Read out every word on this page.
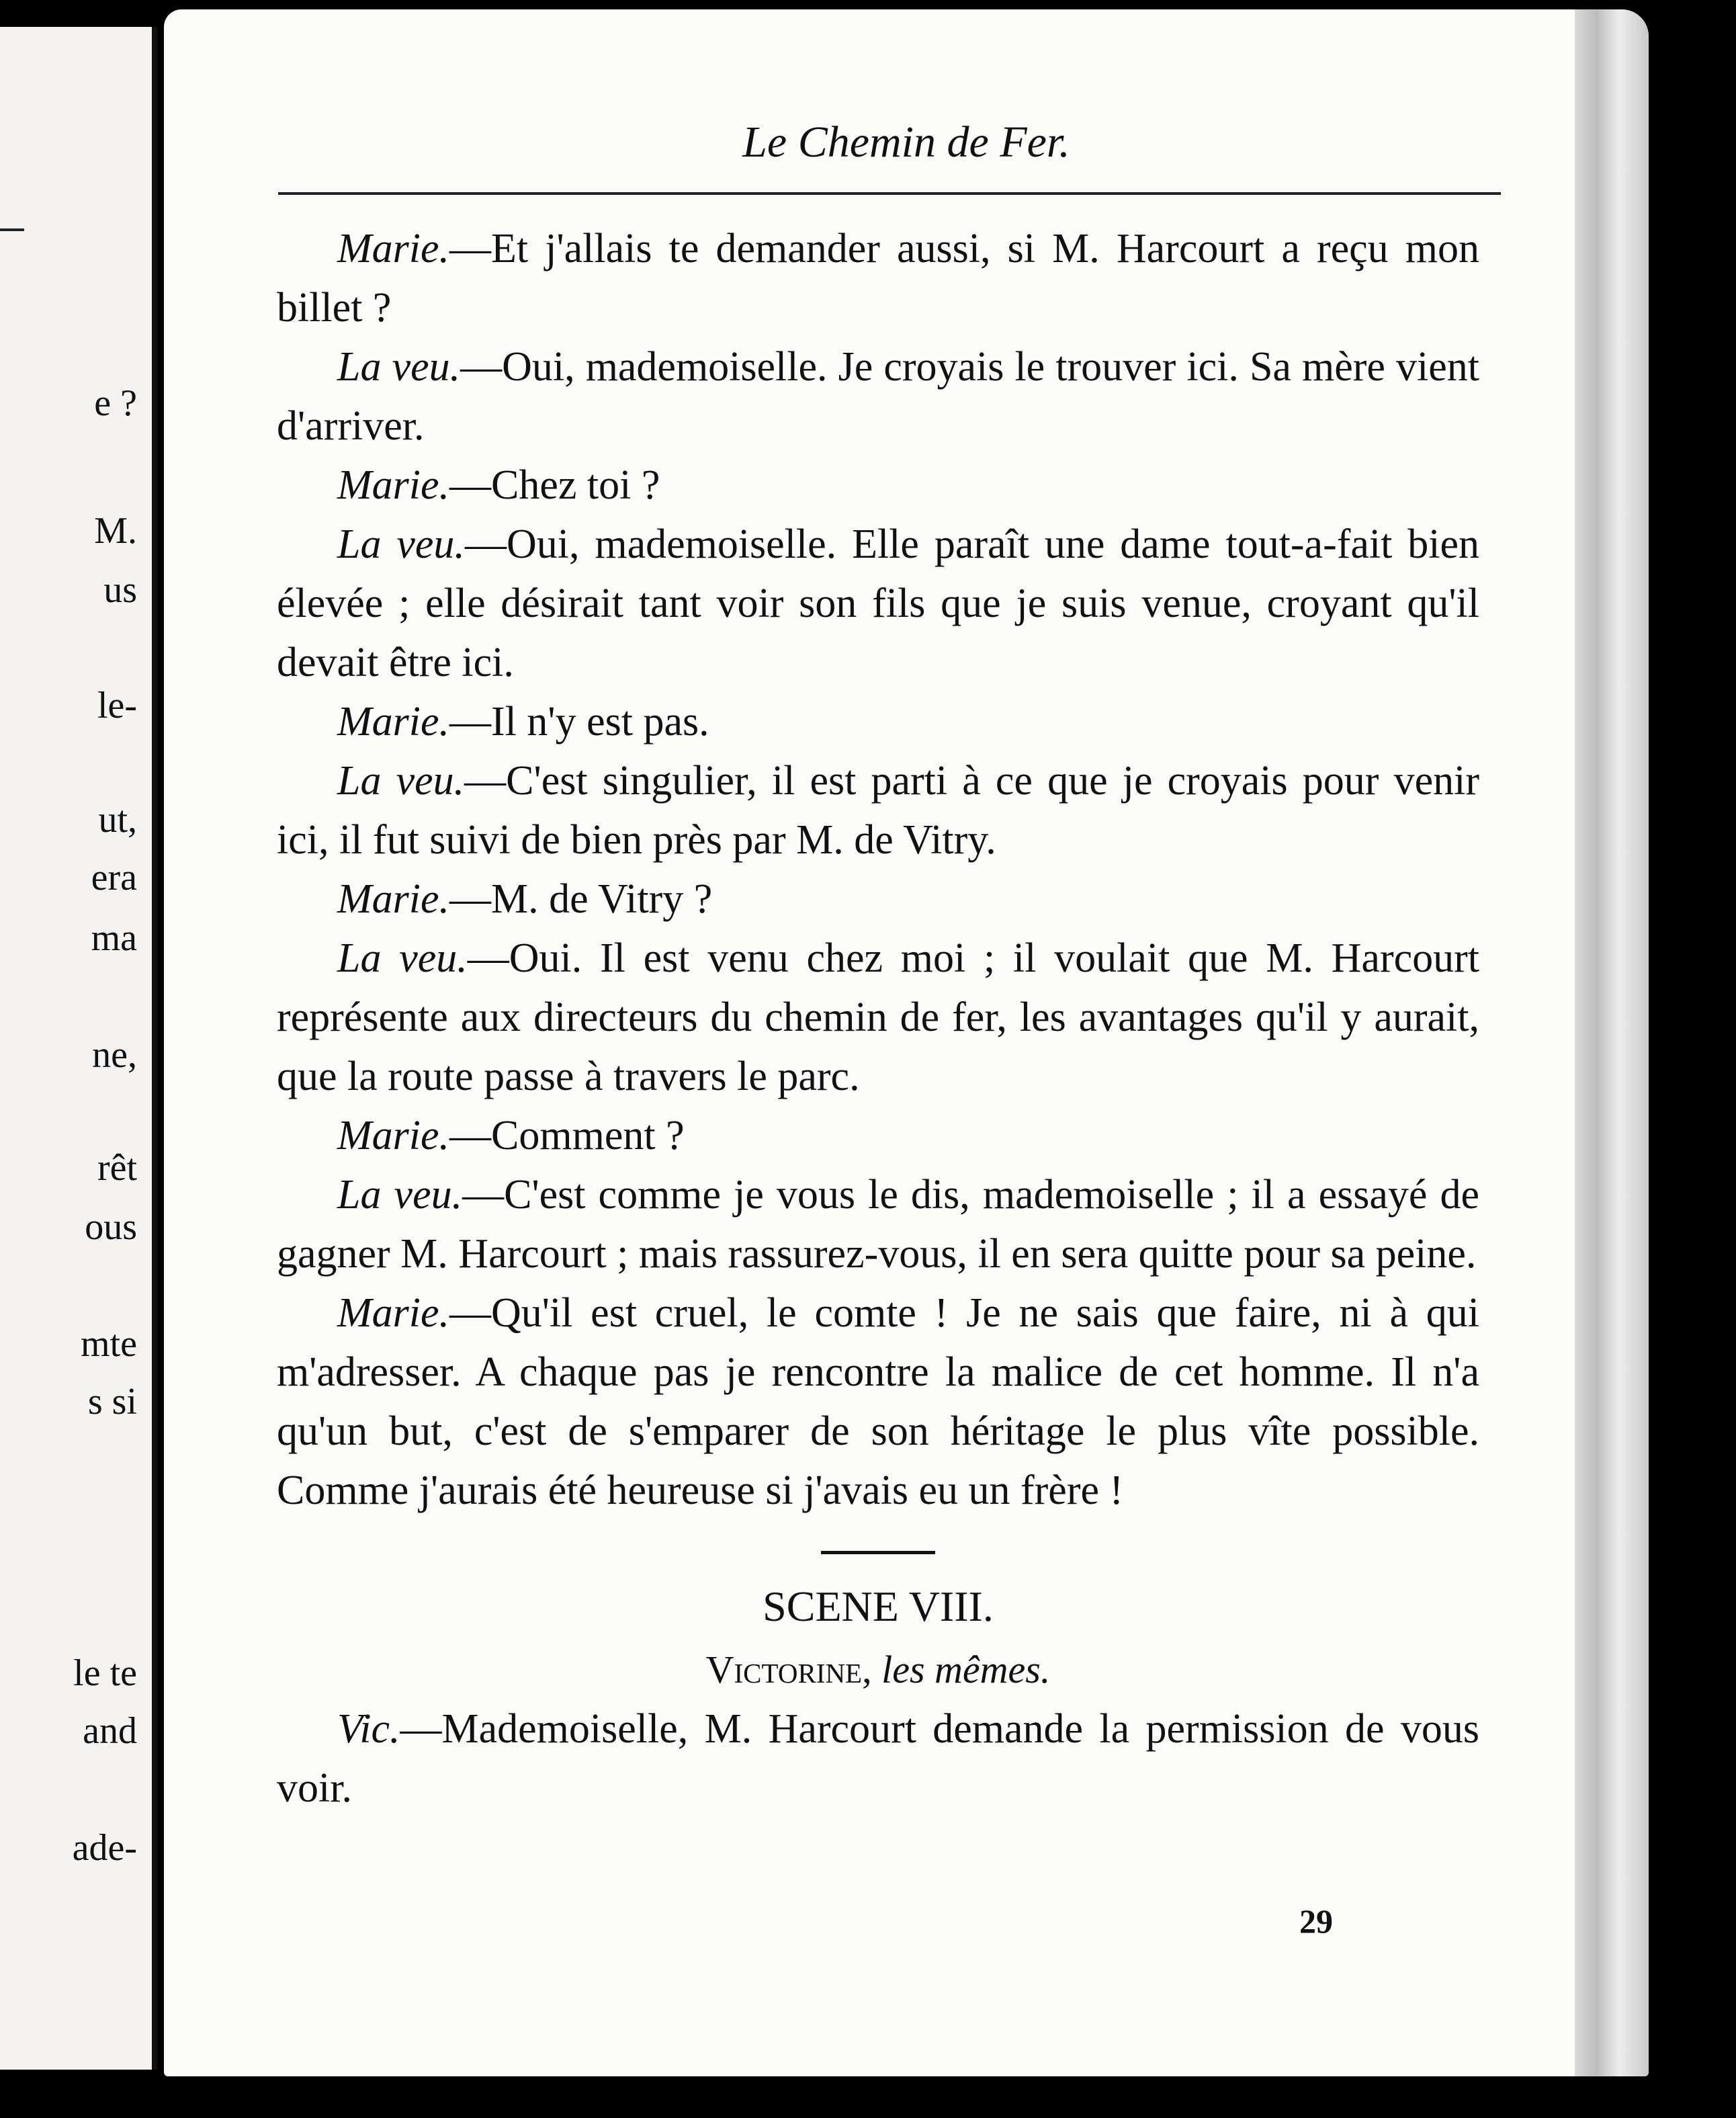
e ?
M.
us
le-
ut,
era
ma
ne,
rêt
ous
mte
s si
le te
and
ade-
Le Chemin de Fer.

Marie.—Et j'allais te demander aussi, si M. Harcourt a reçu mon billet ?

La veu.—Oui, mademoiselle. Je croyais le trouver ici. Sa mère vient d'arriver.

Marie.—Chez toi ?

La veu.—Oui, mademoiselle. Elle paraît une dame tout-a-fait bien élevée ; elle désirait tant voir son fils que je suis venue, croyant qu'il devait être ici.

Marie.—Il n'y est pas.

La veu.—C'est singulier, il est parti à ce que je croyais pour venir ici, il fut suivi de bien près par M. de Vitry.

Marie.—M. de Vitry ?

La veu.—Oui. Il est venu chez moi ; il voulait que M. Harcourt représente aux directeurs du chemin de fer, les avantages qu'il y aurait, que la route passe à travers le parc.

Marie.—Comment ?

La veu.—C'est comme je vous le dis, mademoiselle ; il a essayé de gagner M. Harcourt ; mais rassurez-vous, il en sera quitte pour sa peine.

Marie.—Qu'il est cruel, le comte ! Je ne sais que faire, ni à qui m'adresser. A chaque pas je rencontre la malice de cet homme. Il n'a qu'un but, c'est de s'emparer de son héritage le plus vîte possible. Comme j'aurais été heureuse si j'avais eu un frère !

SCENE VIII.

Victorine, les mêmes.

Vic.—Mademoiselle, M. Harcourt demande la permission de vous voir.

29
